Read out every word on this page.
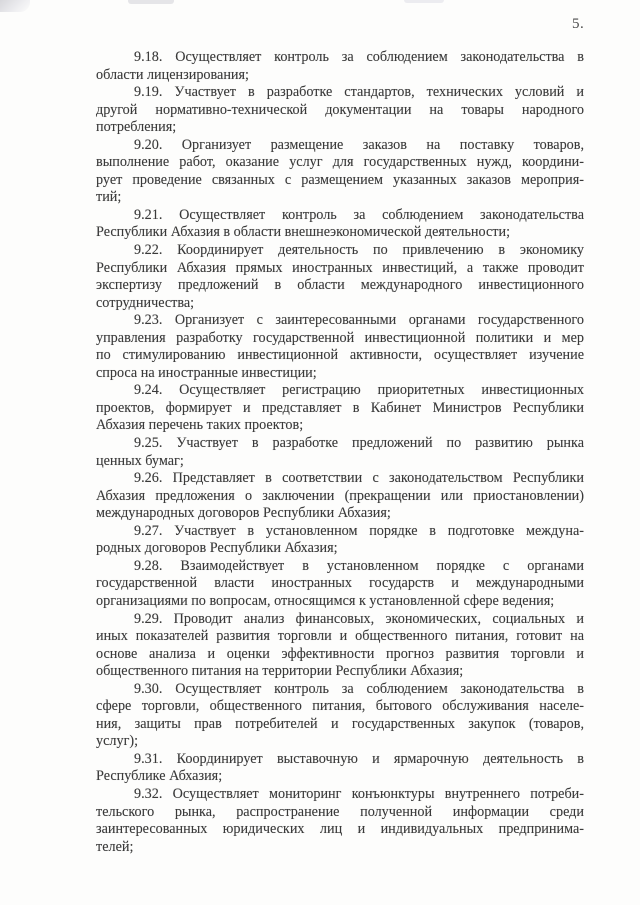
5.
9.18. Осуществляет контроль за соблюдением законодательства в
области лицензирования;
9.19. Участвует в разработке стандартов, технических условий и
другой нормативно-технической документации на товары народного
потребления;
9.20. Организует размещение заказов на поставку товаров,
выполнение работ, оказание услуг для государственных нужд, координи-
рует проведение связанных с размещением указанных заказов мероприя-
тий;
9.21. Осуществляет контроль за соблюдением законодательства
Республики Абхазия в области внешнеэкономической деятельности;
9.22. Координирует деятельность по привлечению в экономику
Республики Абхазия прямых иностранных инвестиций, а также проводит
экспертизу предложений в области международного инвестиционного
сотрудничества;
9.23. Организует с заинтересованными органами государственного
управления разработку государственной инвестиционной политики и мер
по стимулированию инвестиционной активности, осуществляет изучение
спроса на иностранные инвестиции;
9.24. Осуществляет регистрацию приоритетных инвестиционных
проектов, формирует и представляет в Кабинет Министров Республики
Абхазия перечень таких проектов;
9.25. Участвует в разработке предложений по развитию рынка
ценных бумаг;
9.26. Представляет в соответствии с законодательством Республики
Абхазия предложения о заключении (прекращении или приостановлении)
международных договоров Республики Абхазия;
9.27. Участвует в установленном порядке в подготовке междуна-
родных договоров Республики Абхазия;
9.28. Взаимодействует в установленном порядке с органами
государственной власти иностранных государств и международными
организациями по вопросам, относящимся к установленной сфере ведения;
9.29. Проводит анализ финансовых, экономических, социальных и
иных показателей развития торговли и общественного питания, готовит на
основе анализа и оценки эффективности прогноз развития торговли и
общественного питания на территории Республики Абхазия;
9.30. Осуществляет контроль за соблюдением законодательства в
сфере торговли, общественного питания, бытового обслуживания населе-
ния, защиты прав потребителей и государственных закупок (товаров,
услуг);
9.31. Координирует выставочную и ярмарочную деятельность в
Республике Абхазия;
9.32. Осуществляет мониторинг конъюнктуры внутреннего потреби-
тельского рынка, распространение полученной информации среди
заинтересованных юридических лиц и индивидуальных предпринима-
телей;
